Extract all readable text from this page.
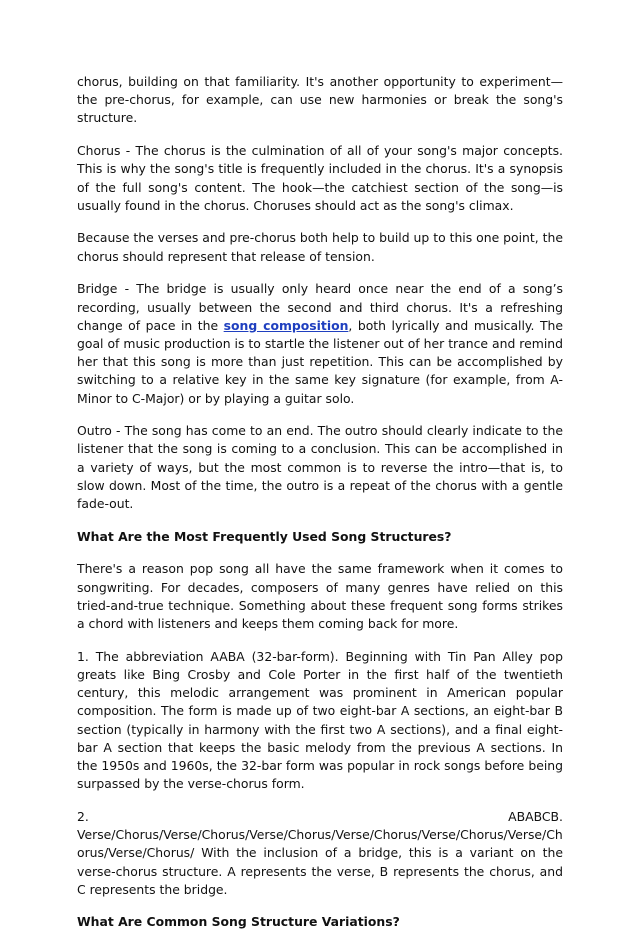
chorus, building on that familiarity. It's another opportunity to experiment—the pre-chorus, for example, can use new harmonies or break the song's structure.

Chorus - The chorus is the culmination of all of your song's major concepts. This is why the song's title is frequently included in the chorus. It's a synopsis of the full song's content. The hook—the catchiest section of the song—is usually found in the chorus. Choruses should act as the song's climax.

Because the verses and pre-chorus both help to build up to this one point, the chorus should represent that release of tension.

Bridge - The bridge is usually only heard once near the end of a song’s recording, usually between the second and third chorus. It's a refreshing change of pace in the song composition, both lyrically and musically. The goal of music production is to startle the listener out of her trance and remind her that this song is more than just repetition. This can be accomplished by switching to a relative key in the same key signature (for example, from A-Minor to C-Major) or by playing a guitar solo.

Outro - The song has come to an end. The outro should clearly indicate to the listener that the song is coming to a conclusion. This can be accomplished in a variety of ways, but the most common is to reverse the intro—that is, to slow down. Most of the time, the outro is a repeat of the chorus with a gentle fade-out.

What Are the Most Frequently Used Song Structures?

There's a reason pop song all have the same framework when it comes to songwriting. For decades, composers of many genres have relied on this tried-and-true technique. Something about these frequent song forms strikes a chord with listeners and keeps them coming back for more.

1. The abbreviation AABA (32-bar-form). Beginning with Tin Pan Alley pop greats like Bing Crosby and Cole Porter in the first half of the twentieth century, this melodic arrangement was prominent in American popular composition. The form is made up of two eight-bar A sections, an eight-bar B section (typically in harmony with the first two A sections), and a final eight-bar A section that keeps the basic melody from the previous A sections. In the 1950s and 1960s, the 32-bar form was popular in rock songs before being surpassed by the verse-chorus form.

2.	ABABCB.
Verse/Chorus/Verse/Chorus/Verse/Chorus/Verse/Chorus/Verse/Chorus/Verse/Chorus/Verse/Chorus/ With the inclusion of a bridge, this is a variant on the verse-chorus structure. A represents the verse, B represents the chorus, and C represents the bridge.

What Are Common Song Structure Variations?
